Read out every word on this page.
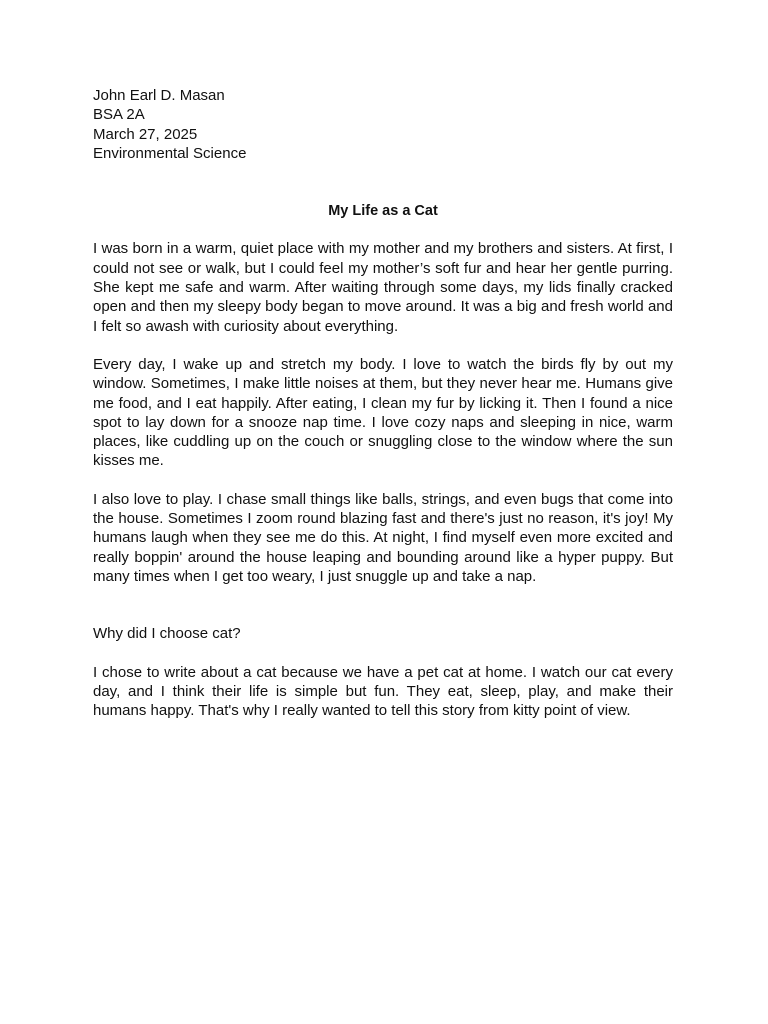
John Earl D. Masan
BSA 2A
March 27, 2025
Environmental Science
My Life as a Cat

I was born in a warm, quiet place with my mother and my brothers and sisters. At first, I could not see or walk, but I could feel my mother’s soft fur and hear her gentle purring. She kept me safe and warm. After waiting through some days, my lids finally cracked open and then my sleepy body began to move around. It was a big and fresh world and I felt so awash with curiosity about everything.

Every day, I wake up and stretch my body. I love to watch the birds fly by out my window. Sometimes, I make little noises at them, but they never hear me. Humans give me food, and I eat happily. After eating, I clean my fur by licking it. Then I found a nice spot to lay down for a snooze nap time. I love cozy naps and sleeping in nice, warm places, like cuddling up on the couch or snuggling close to the window where the sun kisses me.

I also love to play. I chase small things like balls, strings, and even bugs that come into the house. Sometimes I zoom round blazing fast and there's just no reason, it's joy! My humans laugh when they see me do this. At night, I find myself even more excited and really boppin' around the house leaping and bounding around like a hyper puppy. But many times when I get too weary, I just snuggle up and take a nap.

Why did I choose cat?

I chose to write about a cat because we have a pet cat at home. I watch our cat every day, and I think their life is simple but fun. They eat, sleep, play, and make their humans happy. That's why I really wanted to tell this story from kitty point of view.
